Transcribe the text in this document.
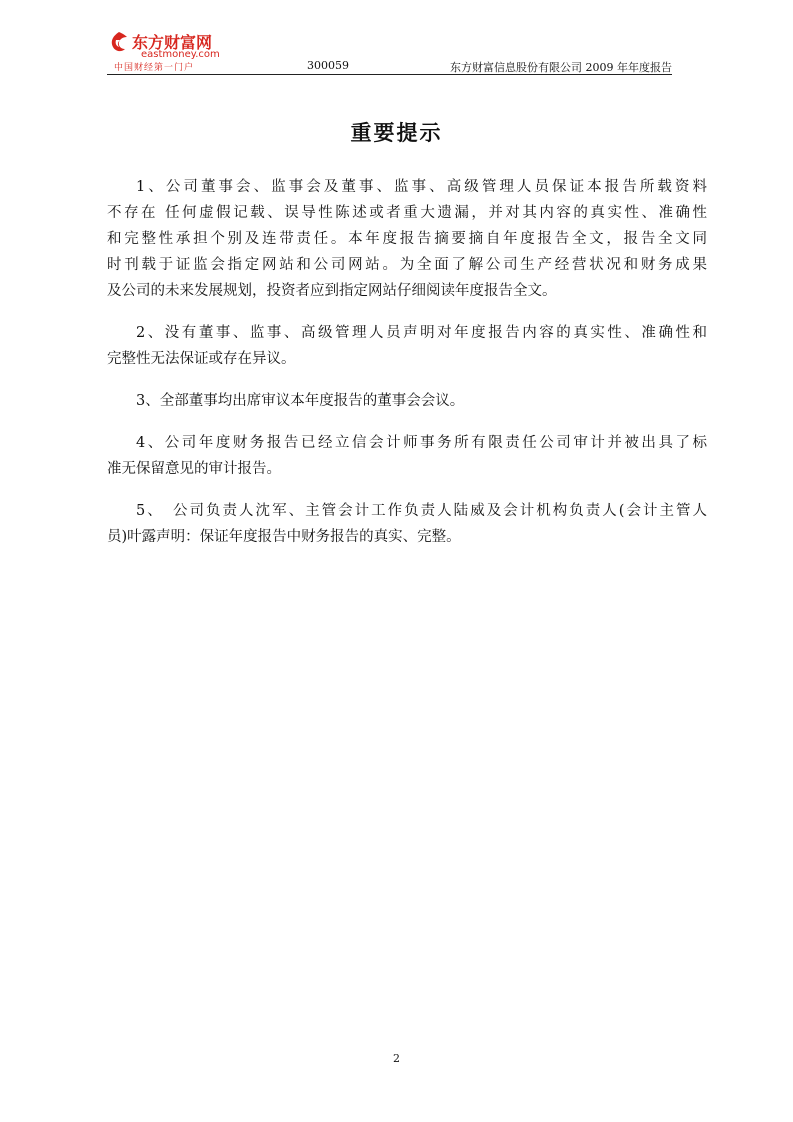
东方财富网
eastmoney.com
中国财经第一门户	300059	东方财富信息股份有限公司 2009 年年度报告
重要提示
1、公司董事会、监事会及董事、监事、高级管理人员保证本报告所载资料
不存在 任何虚假记载、误导性陈述或者重大遗漏，并对其内容的真实性、准确性
和完整性承担个别及连带责任。本年度报告摘要摘自年度报告全文，报告全文同
时刊载于证监会指定网站和公司网站。为全面了解公司生产经营状况和财务成果
及公司的未来发展规划，投资者应到指定网站仔细阅读年度报告全文。
2、没有董事、监事、高级管理人员声明对年度报告内容的真实性、准确性和
完整性无法保证或存在异议。
3、全部董事均出席审议本年度报告的董事会会议。
4、公司年度财务报告已经立信会计师事务所有限责任公司审计并被出具了标
准无保留意见的审计报告。
5、　公司负责人沈军、主管会计工作负责人陆威及会计机构负责人(会计主管人
员)叶露声明：保证年度报告中财务报告的真实、完整。
2
